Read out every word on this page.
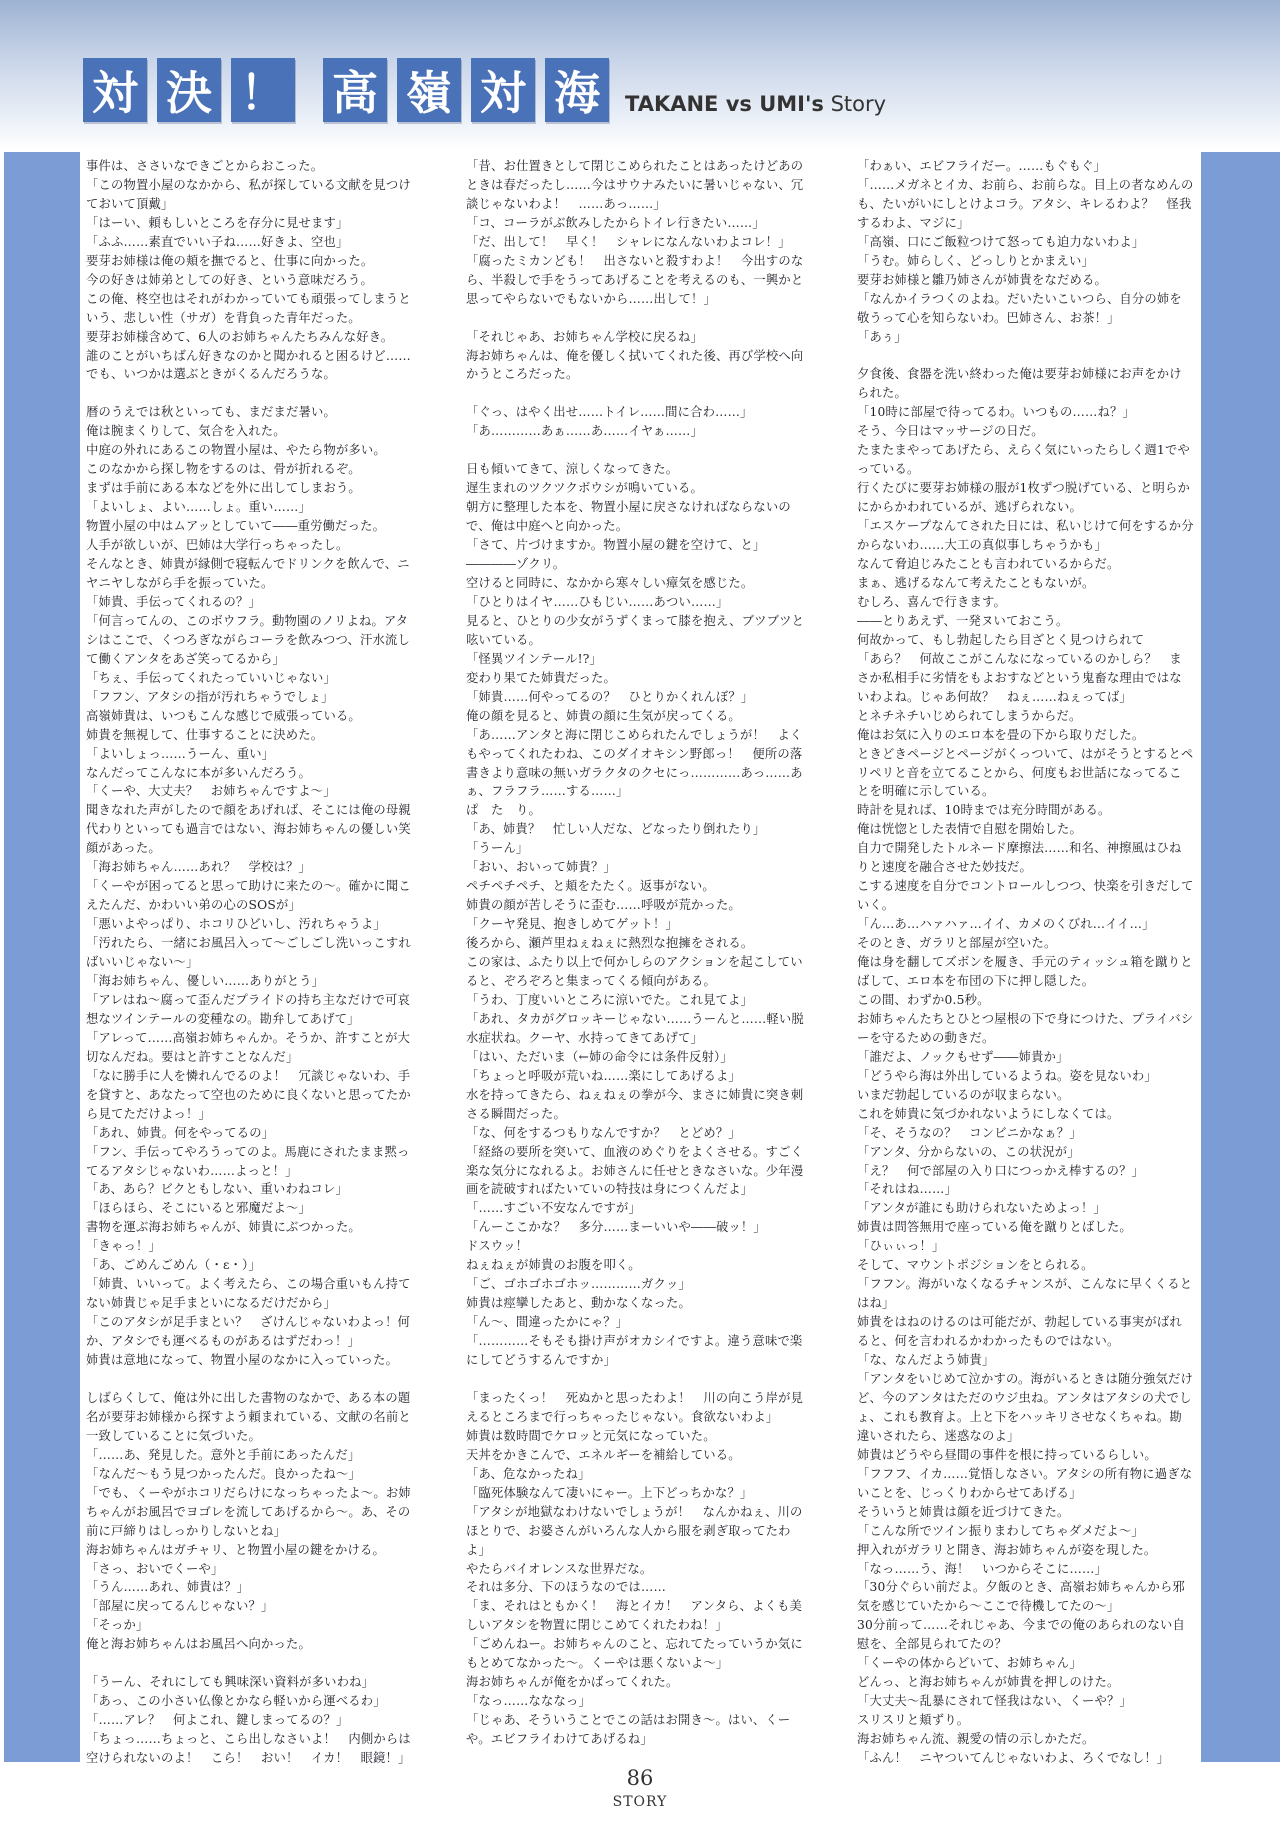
対 決 ！ 高 嶺 対 海	TAKANE vs UMI's Story
事件は、ささいなできごとからおこった。
「この物置小屋のなかから、私が探している文献を見つけておいて頂戴」
「はーい、頼もしいところを存分に見せます」
「ふふ……素直でいい子ね……好きよ、空也」
要芽お姉様は俺の頬を撫でると、仕事に向かった。
今の好きは姉弟としての好き、という意味だろう。
この俺、柊空也はそれがわかっていても頑張ってしまうという、悲しい性（サガ）を背負った青年だった。
要芽お姉様含めて、6人のお姉ちゃんたちみんな好き。
誰のことがいちばん好きなのかと聞かれると困るけど……でも、いつかは選ぶときがくるんだろうな。

暦のうえでは秋といっても、まだまだ暑い。
俺は腕まくりして、気合を入れた。
中庭の外れにあるこの物置小屋は、やたら物が多い。
このなかから探し物をするのは、骨が折れるぞ。
まずは手前にある本などを外に出してしまおう。
「よいしょ、よい……しょ。重い……」
物置小屋の中はムアッとしていて――重労働だった。
人手が欲しいが、巴姉は大学行っちゃったし。
そんなとき、姉貴が縁側で寝転んでドリンクを飲んで、ニヤニヤしながら手を振っていた。
「姉貴、手伝ってくれるの？」
「何言ってんの、このボウフラ。動物園のノリよね。アタシはここで、くつろぎながらコーラを飲みつつ、汗水流して働くアンタをあざ笑ってるから」
「ちぇ、手伝ってくれたっていいじゃない」
「フフン、アタシの指が汚れちゃうでしょ」
高嶺姉貴は、いつもこんな感じで威張っている。
姉貴を無視して、仕事することに決めた。
「よいしょっ……うーん、重い」
なんだってこんなに本が多いんだろう。
「くーや、大丈夫？　お姉ちゃんですよ～」
聞きなれた声がしたので顔をあげれば、そこには俺の母親代わりといっても過言ではない、海お姉ちゃんの優しい笑顔があった。
「海お姉ちゃん……あれ？　学校は？」
「くーやが困ってると思って助けに来たの～。確かに聞こえたんだ、かわいい弟の心のSOSが」
「悪いよやっぱり、ホコリひどいし、汚れちゃうよ」
「汚れたら、一緒にお風呂入って～ごしごし洗いっこすればいいじゃない～」
「海お姉ちゃん、優しい……ありがとう」
「アレはね～腐って歪んだプライドの持ち主なだけで可哀想なツインテールの変種なの。勘弁してあげて」
「アレって……高嶺お姉ちゃんか。そうか、許すことが大切なんだね。要はと許すことなんだ」
「なに勝手に人を憐れんでるのよ！　冗談じゃないわ、手を貸すと、あなたって空也のために良くないと思ってたから見てただけよっ！」
「あれ、姉貴。何をやってるの」
「フン、手伝ってやろうってのよ。馬鹿にされたまま黙ってるアタシじゃないわ……よっと！」
「あ、あら？ビクともしない、重いわねコレ」
「ほらほら、そこにいると邪魔だよ～」
書物を運ぶ海お姉ちゃんが、姉貴にぶつかった。
「きゃっ！」
「あ、ごめんごめん（・ε・）」
「姉貴、いいって。よく考えたら、この場合重いもん持てない姉貴じゃ足手まといになるだけだから」
「このアタシが足手まとい？　ざけんじゃないわよっ！何か、アタシでも運べるものがあるはずだわっ！」
姉貴は意地になって、物置小屋のなかに入っていった。

しばらくして、俺は外に出した書物のなかで、ある本の題名が要芽お姉様から探すよう頼まれている、文献の名前と一致していることに気づいた。
「……あ、発見した。意外と手前にあったんだ」
「なんだ～もう見つかったんだ。良かったね～」
「でも、くーやがホコリだらけになっちゃったよ～。お姉ちゃんがお風呂でヨゴレを流してあげるから～。あ、その前に戸締りはしっかりしないとね」
海お姉ちゃんはガチャリ、と物置小屋の鍵をかける。
「さっ、おいでくーや」
「うん……あれ、姉貴は？」
「部屋に戻ってるんじゃない？」
「そっか」
俺と海お姉ちゃんはお風呂へ向かった。

「うーん、それにしても興味深い資料が多いわね」
「あっ、この小さい仏像とかなら軽いから運べるわ」
「……アレ？　何よこれ、鍵しまってるの？」
「ちょっ……ちょっと、こら出しなさいよ！　内側からは空けられないのよ！　こら！　おい！　イカ！　眼鏡！」
「昔、お仕置きとして閉じこめられたことはあったけどあのときは春だったし……今はサウナみたいに暑いじゃない、冗談じゃないわよ！　……あっ……」
「コ、コーラがぶ飲みしたからトイレ行きたい……」
「だ、出して！　早く！　シャレになんないわよコレ！」
「腐ったミカンども！　出さないと殺すわよ！　今出すのなら、半殺しで手をうってあげることを考えるのも、一興かと思ってやらないでもないから……出して！」

「それじゃあ、お姉ちゃん学校に戻るね」
海お姉ちゃんは、俺を優しく拭いてくれた後、再び学校へ向かうところだった。

「ぐっ、はやく出せ……トイレ……間に合わ……」
「あ…………あぁ……あ……イヤぁ……」

日も傾いてきて、涼しくなってきた。
遅生まれのツクツクボウシが鳴いている。
朝方に整理した本を、物置小屋に戻さなければならないので、俺は中庭へと向かった。
「さて、片づけますか。物置小屋の鍵を空けて、と」
――――ゾクリ。
空けると同時に、なかから寒々しい瘴気を感じた。
「ひとりはイヤ……ひもじい……あつい……」
見ると、ひとりの少女がうずくまって膝を抱え、ブツブツと呟いている。
「怪異ツインテール!?」
変わり果てた姉貴だった。
「姉貴……何やってるの？　ひとりかくれんぼ？」
俺の顔を見ると、姉貴の顔に生気が戻ってくる。
「あ……アンタと海に閉じこめられたんでしょうが！　よくもやってくれたわね、このダイオキシン野郎っ！　便所の落書きより意味の無いガラクタのクセにっ…………あっ……あぁ、フラフラ……する……」
ぱ　た　り。
「あ、姉貴？　忙しい人だな、どなったり倒れたり」
「うーん」
「おい、おいって姉貴？」
ペチペチペチ、と頬をたたく。返事がない。
姉貴の顔が苦しそうに歪む……呼吸が荒かった。
「クーヤ発見、抱きしめてゲット！」
後ろから、瀬芦里ねぇねぇに熱烈な抱擁をされる。
この家は、ふたり以上で何かしらのアクションを起こしていると、ぞろぞろと集まってくる傾向がある。
「うわ、丁度いいところに涼いでた。これ見てよ」
「あれ、タカがグロッキーじゃない……うーんと……軽い脱水症状ね。クーヤ、水持ってきてあげて」
「はい、ただいま（←姉の命令には条件反射）」
「ちょっと呼吸が荒いね……楽にしてあげるよ」
水を持ってきたら、ねぇねぇの拳が今、まさに姉貴に突き刺さる瞬間だった。
「な、何をするつもりなんですか？　とどめ？」
「経絡の要所を突いて、血液のめぐりをよくさせる。すごく楽な気分になれるよ。お姉さんに任せときなさいな。少年漫画を読破すればたいていの特技は身につくんだよ」
「……すごい不安なんですが」
「んーここかな？　多分……まーいいや――破ッ！」
ドスウッ！
ねぇねぇが姉貴のお腹を叩く。
「ご、ゴホゴホゴホッ…………ガクッ」
姉貴は痙攣したあと、動かなくなった。
「ん～、間違ったかにゃ？」
「…………そもそも掛け声がオカシイですよ。違う意味で楽にしてどうするんですか」

「まったくっ！　死ぬかと思ったわよ！　川の向こう岸が見えるところまで行っちゃったじゃない。食欲ないわよ」
姉貴は数時間でケロッと元気になっていた。
天丼をかきこんで、エネルギーを補給している。
「あ、危なかったね」
「臨死体験なんて凄いにゃー。上下どっちかな？」
「アタシが地獄なわけないでしょうが！　なんかねぇ、川のほとりで、お婆さんがいろんな人から服を剥ぎ取ってたわよ」
やたらバイオレンスな世界だな。
それは多分、下のほうなのでは……
「ま、それはともかく！　海とイカ！　アンタら、よくも美しいアタシを物置に閉じこめてくれたわね！」
「ごめんねー。お姉ちゃんのこと、忘れてたっていうか気にもとめてなかった～。くーやは悪くないよ～」
海お姉ちゃんが俺をかばってくれた。
「なっ……なななっ」
「じゃあ、そういうことでこの話はお開き～。はい、くーや。エビフライわけてあげるね」
「わぁい、エビフライだー。……もぐもぐ」
「……メガネとイカ、お前ら、お前らな。目上の者なめんのも、たいがいにしとけよコラ。アタシ、キレるわよ？　怪我するわよ、マジに」
「高嶺、口にご飯粒つけて怒っても迫力ないわよ」
「うむ。姉らしく、どっしりとかまえい」
要芽お姉様と雛乃姉さんが姉貴をなだめる。
「なんかイラつくのよね。だいたいこいつら、自分の姉を敬うって心を知らないわ。巴姉さん、お茶！」
「あぅ」

夕食後、食器を洗い終わった俺は要芽お姉様にお声をかけられた。
「10時に部屋で待ってるわ。いつもの……ね？」
そう、今日はマッサージの日だ。
たまたまやってあげたら、えらく気にいったらしく週1でやっている。
行くたびに要芽お姉様の服が1枚ずつ脱げている、と明らかにからかわれているが、逃げられない。
「エスケープなんてされた日には、私いじけて何をするか分からないわ……大工の真似事しちゃうかも」
なんて脅迫じみたことも言われているからだ。
まぁ、逃げるなんて考えたこともないが。
むしろ、喜んで行きます。
――とりあえず、一発ヌいておこう。
何故かって、もし勃起したら目ざとく見つけられて
「あら？　何故ここがこんなになっているのかしら？　まさか私相手に劣情をもよおすなどという鬼畜な理由ではないわよね。じゃあ何故？　ねぇ……ねぇってば」
とネチネチいじめられてしまうからだ。
俺はお気に入りのエロ本を畳の下から取りだした。
ときどきページとページがくっついて、はがそうとするとペリペリと音を立てることから、何度もお世話になってることを明確に示している。
時計を見れば、10時までは充分時間がある。
俺は恍惚とした表情で自慰を開始した。
自力で開発したトルネード摩擦法……和名、神擦風はひねりと速度を融合させた妙技だ。
こする速度を自分でコントロールしつつ、快楽を引きだしていく。
「ん…あ…ハァハァ…イイ、カメのくびれ…イイ…」
そのとき、ガラリと部屋が空いた。
俺は身を翻してズボンを履き、手元のティッシュ箱を蹴りとばして、エロ本を布団の下に押し隠した。
この間、わずか0.5秒。
お姉ちゃんたちとひとつ屋根の下で身につけた、プライバシーを守るための動きだ。
「誰だよ、ノックもせず――姉貴か」
「どうやら海は外出しているようね。姿を見ないわ」
いまだ勃起しているのが収まらない。
これを姉貴に気づかれないようにしなくては。
「そ、そうなの？　コンビニかなぁ？」
「アンタ、分からないの、この状況が」
「え？　何で部屋の入り口につっかえ棒するの？」
「それはね……」
「アンタが誰にも助けられないためよっ！」
姉貴は問答無用で座っている俺を蹴りとばした。
「ひぃぃっ！」
そして、マウントポジションをとられる。
「フフン。海がいなくなるチャンスが、こんなに早くくるとはね」
姉貴をはねのけるのは可能だが、勃起している事実がばれると、何を言われるかわかったものではない。
「な、なんだよう姉貴」
「アンタをいじめて泣かすの。海がいるときは随分強気だけど、今のアンタはただのウジ虫ね。アンタはアタシの犬でしょ、これも教育よ。上と下をハッキリさせなくちゃね。勘違いされたら、迷惑なのよ」
姉貴はどうやら昼間の事件を根に持っているらしい。
「フフフ、イカ……覚悟しなさい。アタシの所有物に過ぎないことを、じっくりわからせてあげる」
そういうと姉貴は顔を近づけてきた。
「こんな所でツイン振りまわしてちゃダメだよ～」
押入れがガラリと開き、海お姉ちゃんが姿を現した。
「なっ……う、海！　いつからそこに……」
「30分ぐらい前だよ。夕飯のとき、高嶺お姉ちゃんから邪気を感じていたから～ここで待機してたの～」
30分前って……それじゃあ、今までの俺のあられのない自慰を、全部見られてたの？
「くーやの体からどいて、お姉ちゃん」
どんっ、と海お姉ちゃんが姉貴を押しのけた。
「大丈夫～乱暴にされて怪我はない、くーや？」
スリスリと頬ずり。
海お姉ちゃん流、親愛の情の示しかただ。
「ふん！　ニヤついてんじゃないわよ、ろくでなし！」
86
STORY
